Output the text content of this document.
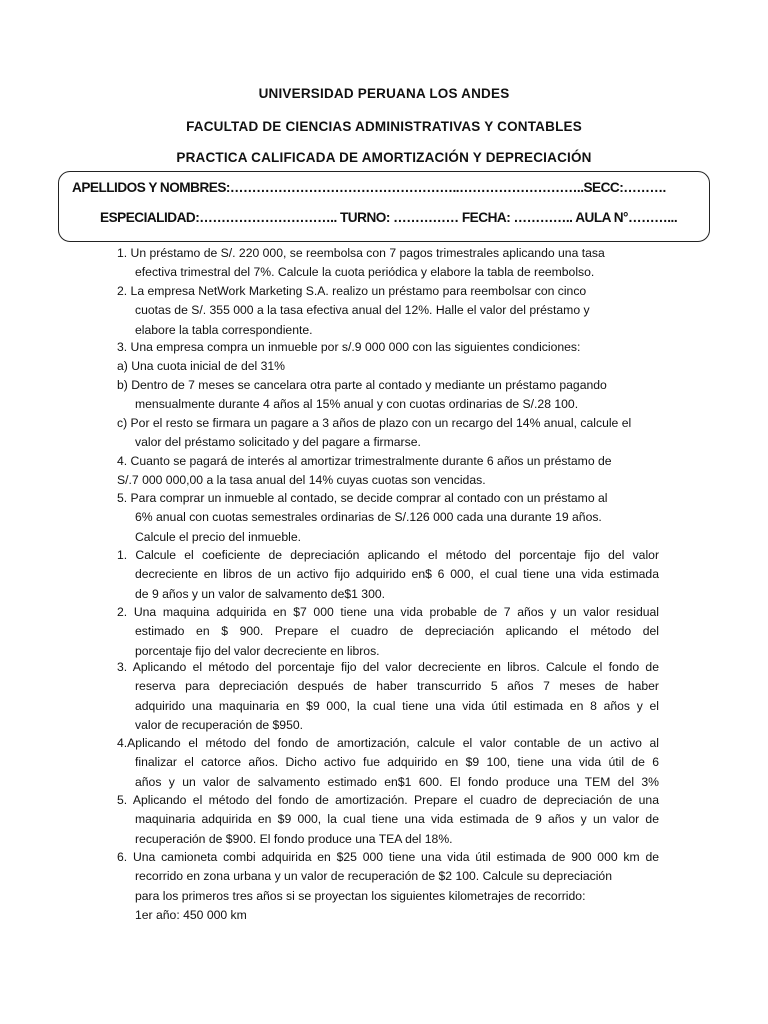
UNIVERSIDAD PERUANA LOS ANDES
FACULTAD DE CIENCIAS ADMINISTRATIVAS Y CONTABLES
PRACTICA CALIFICADA DE AMORTIZACIÓN Y DEPRECIACIÓN
APELLIDOS Y NOMBRES:……………………………………………..………………………..SECC:……….
ESPECIALIDAD:………………………….. TURNO: …………… FECHA: ………….. AULA N°………...
1. Un préstamo de S/. 220 000, se reembolsa con 7 pagos trimestrales aplicando una tasa
efectiva trimestral del 7%. Calcule la cuota periódica y elabore la tabla de reembolso.
2. La empresa NetWork Marketing S.A. realizo un préstamo para reembolsar con cinco
cuotas de S/. 355 000 a la tasa efectiva anual del 12%. Halle el valor del préstamo y
elabore la tabla correspondiente.
3. Una empresa compra un inmueble por s/.9 000 000 con las siguientes condiciones:
a) Una cuota inicial de del 31%
b) Dentro de 7 meses se cancelara otra parte al contado y mediante un préstamo pagando
mensualmente durante 4 años al 15% anual y con cuotas ordinarias de S/.28 100.
c) Por el resto se firmara un pagare a 3 años de plazo con un recargo del 14% anual, calcule el
valor del préstamo solicitado y del pagare a firmarse.
4. Cuanto se pagará de interés al amortizar trimestralmente durante 6 años un préstamo de
S/.7 000 000,00 a la tasa anual del 14% cuyas cuotas son vencidas.
5. Para comprar un inmueble al contado, se decide comprar al contado con un préstamo al
6% anual con cuotas semestrales ordinarias de S/.126 000 cada una durante 19 años.
Calcule el precio del inmueble.
1. Calcule el coeficiente de depreciación aplicando el método del porcentaje fijo del valor
decreciente en libros de un activo fijo adquirido en$ 6 000, el cual tiene una vida estimada
de 9 años y un valor de salvamento de$1 300.
2. Una maquina adquirida en $7 000 tiene una vida probable de 7 años y un valor residual
estimado en $ 900. Prepare el cuadro de depreciación aplicando el método del
porcentaje fijo del valor decreciente en libros.
3. Aplicando el método del porcentaje fijo del valor decreciente en libros. Calcule el fondo de
reserva para depreciación después de haber transcurrido 5 años 7 meses de haber
adquirido una maquinaria en $9 000, la cual tiene una vida útil estimada en 8 años y el
valor de recuperación de $950.
4.Aplicando el método del fondo de amortización, calcule el valor contable de un activo al
finalizar el catorce años. Dicho activo fue adquirido en $9 100, tiene una vida útil de 6
años y un valor de salvamento estimado en$1 600. El fondo produce una TEM del 3%
5. Aplicando el método del fondo de amortización. Prepare el cuadro de depreciación de una
maquinaria adquirida en $9 000, la cual tiene una vida estimada de 9 años y un valor de
recuperación de $900. El fondo produce una TEA del 18%.
6. Una camioneta combi adquirida en $25 000 tiene una vida útil estimada de 900 000 km de
recorrido en zona urbana y un valor de recuperación de $2 100. Calcule su depreciación
para los primeros tres años si se proyectan los siguientes kilometrajes de recorrido:
1er año: 450 000 km
